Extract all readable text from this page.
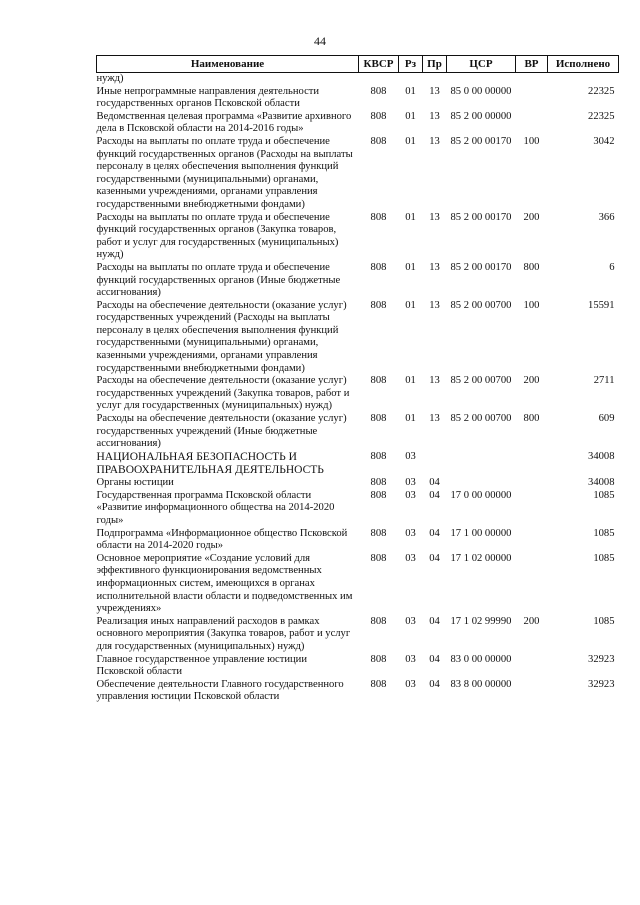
44
Наименование	КВСР	Рз	Пр	ЦСР	ВР	Исполнено
нужд)						
Иные непрограммные направления деятельности государственных органов Псковской области	808	01	13	85 0 00 00000		22325
Ведомственная целевая программа «Развитие архивного дела в Псковской области на 2014-2016 годы»	808	01	13	85 2 00 00000		22325
Расходы на выплаты по оплате труда и обеспечение функций государственных органов (Расходы на выплаты персоналу в целях обеспечения выполнения функций государственными (муниципальными) органами, казенными учреждениями, органами управления государственными внебюджетными фондами)	808	01	13	85 2 00 00170	100	3042
Расходы на выплаты по оплате труда и обеспечение функций государственных органов (Закупка товаров, работ и услуг для государственных (муниципальных) нужд)	808	01	13	85 2 00 00170	200	366
Расходы на выплаты по оплате труда и обеспечение функций государственных органов (Иные бюджетные ассигнования)	808	01	13	85 2 00 00170	800	6
Расходы на обеспечение деятельности (оказание услуг) государственных учреждений (Расходы на выплаты персоналу в целях обеспечения выполнения функций государственными (муниципальными) органами, казенными учреждениями, органами управления государственными внебюджетными фондами)	808	01	13	85 2 00 00700	100	15591
Расходы на обеспечение деятельности (оказание услуг) государственных учреждений (Закупка товаров, работ и услуг для государственных (муниципальных) нужд)	808	01	13	85 2 00 00700	200	2711
Расходы на обеспечение деятельности (оказание услуг) государственных учреждений (Иные бюджетные ассигнования)	808	01	13	85 2 00 00700	800	609
НАЦИОНАЛЬНАЯ БЕЗОПАСНОСТЬ И ПРАВООХРАНИТЕЛЬНАЯ ДЕЯТЕЛЬНОСТЬ	808	03				34008
Органы юстиции	808	03	04			34008
Государственная программа Псковской области «Развитие информационного общества на 2014-2020 годы»	808	03	04	17 0 00 00000		1085
Подпрограмма «Информационное общество Псковской области на 2014-2020 годы»	808	03	04	17 1 00 00000		1085
Основное мероприятие «Создание условий для эффективного функционирования ведомственных информационных систем, имеющихся в органах исполнительной власти области и подведомственных им учреждениях»	808	03	04	17 1 02 00000		1085
Реализация иных направлений расходов в рамках основного мероприятия (Закупка товаров, работ и услуг для государственных (муниципальных) нужд)	808	03	04	17 1 02 99990	200	1085
Главное государственное управление юстиции Псковской области	808	03	04	83 0 00 00000		32923
Обеспечение деятельности Главного государственного управления юстиции Псковской области	808	03	04	83 8 00 00000		32923
